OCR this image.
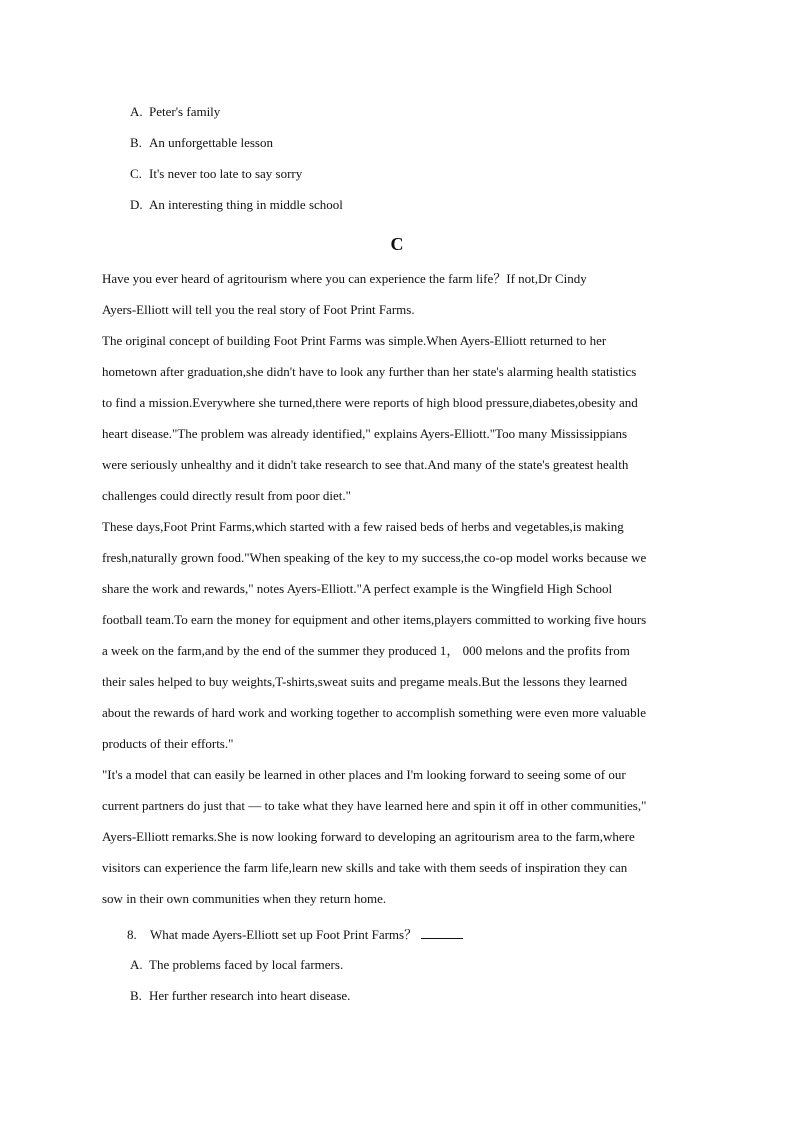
A. Peter's family
B. An unforgettable lesson
C. It's never too late to say sorry
D. An interesting thing in middle school
C

Have you ever heard of agritourism where you can experience the farm life？If not,Dr Cindy

Ayers-Elliott will tell you the real story of Foot Print Farms.

The original concept of building Foot Print Farms was simple.When Ayers-Elliott returned to her

hometown after graduation,she didn't have to look any further than her state's alarming health statistics

to find a mission.Everywhere she turned,there were reports of high blood pressure,diabetes,obesity and

heart disease."The problem was already identified," explains Ayers-Elliott."Too many Mississippians

were seriously unhealthy and it didn't take research to see that.And many of the state's greatest health

challenges could directly result from poor diet."

These days,Foot Print Farms,which started with a few raised beds of herbs and vegetables,is making

fresh,naturally grown food."When speaking of the key to my success,the co-op model works because we

share the work and rewards," notes Ayers-Elliott."A perfect example is the Wingfield High School

football team.To earn the money for equipment and other items,players committed to working five hours

a week on the farm,and by the end of the summer they produced 1， 000 melons and the profits from

their sales helped to buy weights,T-shirts,sweat suits and pregame meals.But the lessons they learned

about the rewards of hard work and working together to accomplish something were even more valuable

products of their efforts."

"It's a model that can easily be learned in other places and I'm looking forward to seeing some of our

current partners do just that — to take what they have learned here and spin it off in other communities,"

Ayers-Elliott remarks.She is now looking forward to developing an agritourism area to the farm,where

visitors can experience the farm life,learn new skills and take with them seeds of inspiration they can

sow in their own communities when they return home.

8. What made Ayers-Elliott set up Foot Print Farms？
A. The problems faced by local farmers.
B. Her further research into heart disease.
